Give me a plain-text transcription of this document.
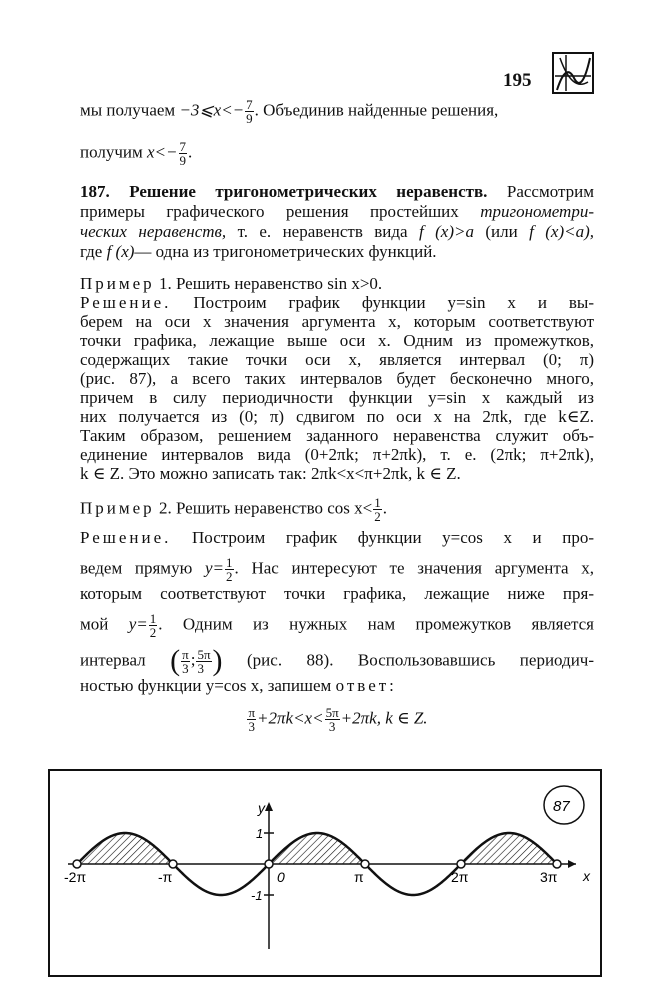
195
мы получаем −3⩽x<− $\frac{7}{9}$ . Объединив найденные решения,
получим $x<- \frac{7}{9}$ .
187. Решение тригонометрических неравенств. Рассмотрим
примеры графического решения простейших тригонометри-
ческих неравенств, т. е. неравенств вида f (x)>a (или f (x)<a),
где f (x)— одна из тригонометрических функций.
Пример 1. Решить неравенство sin x>0.
Решение. Построим график функции y=sin x и вы-
берем на оси x значения аргумента x, которым соответствуют
точки графика, лежащие выше оси x. Одним из промежутков,
содержащих такие точки оси x, является интервал (0; π)
(рис. 87), а всего таких интервалов будет бесконечно много,
причем в силу периодичности функции y=sin x каждый из
них получается из (0; π) сдвигом по оси x на 2πk, где k∈Z.
Таким образом, решением заданного неравенства служит объ-
единение интервалов вида (0+2πk; π+2πk), т. е. (2πk; π+2πk),
k ∈ Z. Это можно записать так: 2πk<x<π+2πk, k ∈ Z.
Пример 2. Решить неравенство $\cos x< \frac{1}{2}$ .
Решение. Построим график функции y=cos x и про-
ведем прямую $y= \frac{1}{2}$ . Нас интересуют те значения аргумента x,
которым соответствуют точки графика, лежащие ниже пря-
мой $y= \frac{1}{2}$ . Одним из нужных нам промежутков является
интервал ( $\frac{\pi}{3}$ ; $\frac{5\pi}{3}$ ) (рис. 88). Воспользовавшись периодич-
ностью функции y=cos x, запишем ответ:
$\frac{\pi}{3} +2\pi k<x< \frac{5\pi}{3} +2\pi k$, k ∈ Z.
y
x
1
-1
-2π	-π	0	π	2π	3π
87
